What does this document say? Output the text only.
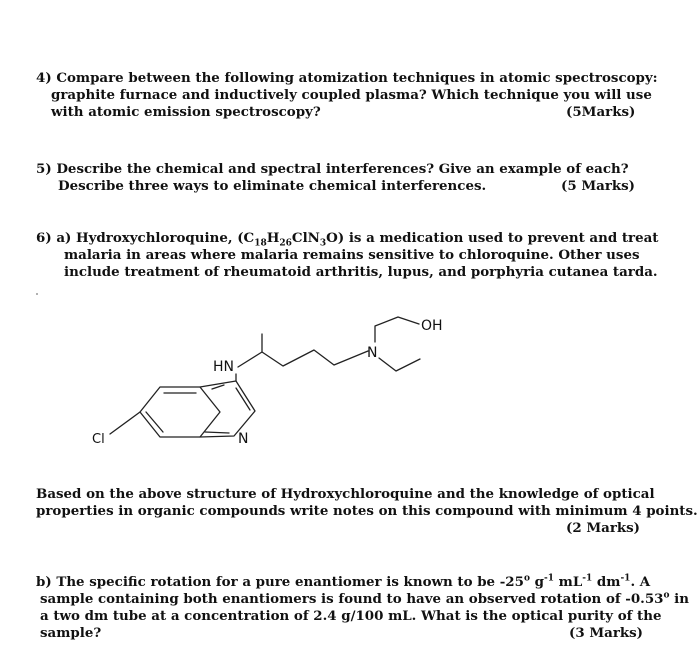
4) Compare between the following atomization techniques in atomic spectroscopy:
graphite furnace and inductively coupled plasma? Which technique you will use
with atomic emission spectroscopy?	(5Marks)
5) Describe the chemical and spectral interferences? Give an example of each?
Describe three ways to eliminate chemical interferences.	(5 Marks)
6) a) Hydroxychloroquine, $(C_{18}H_{26}ClN_3O)$ is a medication used to prevent and treat
malaria in areas where malaria remains sensitive to chloroquine. Other uses
include treatment of rheumatoid arthritis, lupus, and porphyria cutanea tarda.
OH
N
HN
N
Cl
Based on the above structure of Hydroxychloroquine and the knowledge of optical
properties in organic compounds write notes on this compound with minimum 4 points.
(2 Marks)
b) The specific rotation for a pure enantiomer is known to be -25$^o$ $g^{-1}$ $mL^{-1}$ $dm^{-1}$. A
sample containing both enantiomers is found to have an observed rotation of -0.53$^o$ in
a two dm tube at a concentration of 2.4 g/100 mL. What is the optical purity of the
sample?	(3 Marks)
